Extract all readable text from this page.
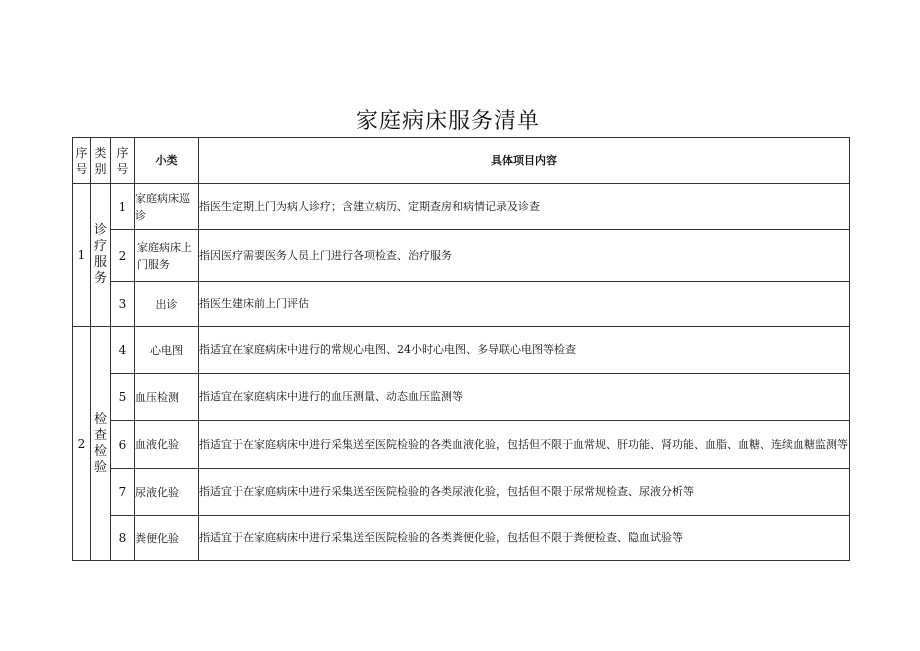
家庭病床服务清单
序号	类别	序号	小类	具体项目内容
1	诊疗服务	1	家庭病床巡诊	指医生定期上门为病人诊疗；含建立病历、定期查房和病情记录及诊查
		2	家庭病床上门服务	指因医疗需要医务人员上门进行各项检查、治疗服务
		3	出诊	指医生建床前上门评估
2	检查检验	4	心电图	指适宜在家庭病床中进行的常规心电图、24小时心电图、多导联心电图等检查
		5	血压检测	指适宜在家庭病床中进行的血压测量、动态血压监测等
		6	血液化验	指适宜于在家庭病床中进行采集送至医院检验的各类血液化验，包括但不限于血常规、肝功能、肾功能、血脂、血糖、连续血糖监测等
		7	尿液化验	指适宜于在家庭病床中进行采集送至医院检验的各类尿液化验，包括但不限于尿常规检查、尿液分析等
		8	粪便化验	指适宜于在家庭病床中进行采集送至医院检验的各类粪便化验，包括但不限于粪便检查、隐血试验等
